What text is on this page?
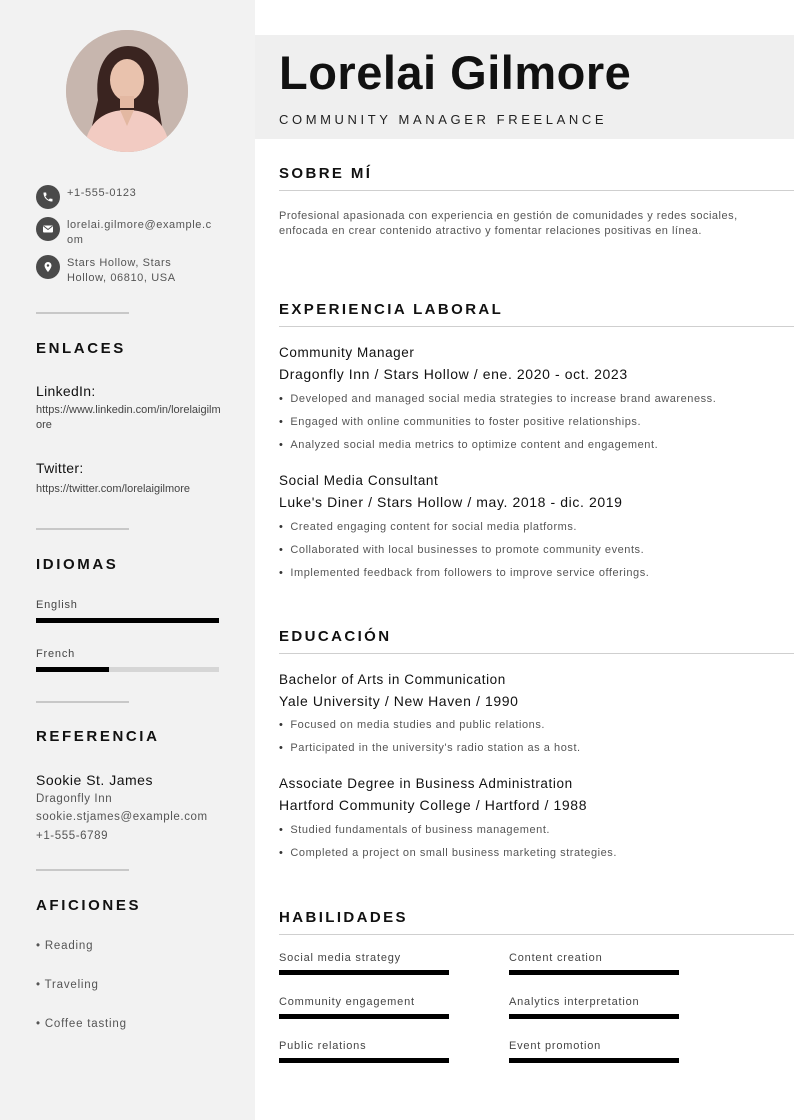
+1-555-0123
lorelai.gilmore@example.com
Stars Hollow, Stars Hollow, 06810, USA
ENLACES
LinkedIn:
https://www.linkedin.com/in/lorelaigilmore
Twitter:
https://twitter.com/lorelaigilmore
IDIOMAS
English
French
REFERENCIA
Sookie St. James
Dragonfly Inn
sookie.stjames@example.com
+1-555-6789
AFICIONES
• Reading
• Traveling
• Coffee tasting
Lorelai Gilmore
COMMUNITY MANAGER FREELANCE
SOBRE MÍ
Profesional apasionada con experiencia en gestión de comunidades y redes sociales, enfocada en crear contenido atractivo y fomentar relaciones positivas en línea.
EXPERIENCIA LABORAL
Community Manager
Dragonfly Inn / Stars Hollow / ene. 2020 - oct. 2023
• Developed and managed social media strategies to increase brand awareness.
• Engaged with online communities to foster positive relationships.
• Analyzed social media metrics to optimize content and engagement.
Social Media Consultant
Luke's Diner / Stars Hollow / may. 2018 - dic. 2019
• Created engaging content for social media platforms.
• Collaborated with local businesses to promote community events.
• Implemented feedback from followers to improve service offerings.
EDUCACIÓN
Bachelor of Arts in Communication
Yale University / New Haven / 1990
• Focused on media studies and public relations.
• Participated in the university's radio station as a host.
Associate Degree in Business Administration
Hartford Community College / Hartford / 1988
• Studied fundamentals of business management.
• Completed a project on small business marketing strategies.
HABILIDADES
Social media strategy	Content creation
Community engagement	Analytics interpretation
Public relations	Event promotion
